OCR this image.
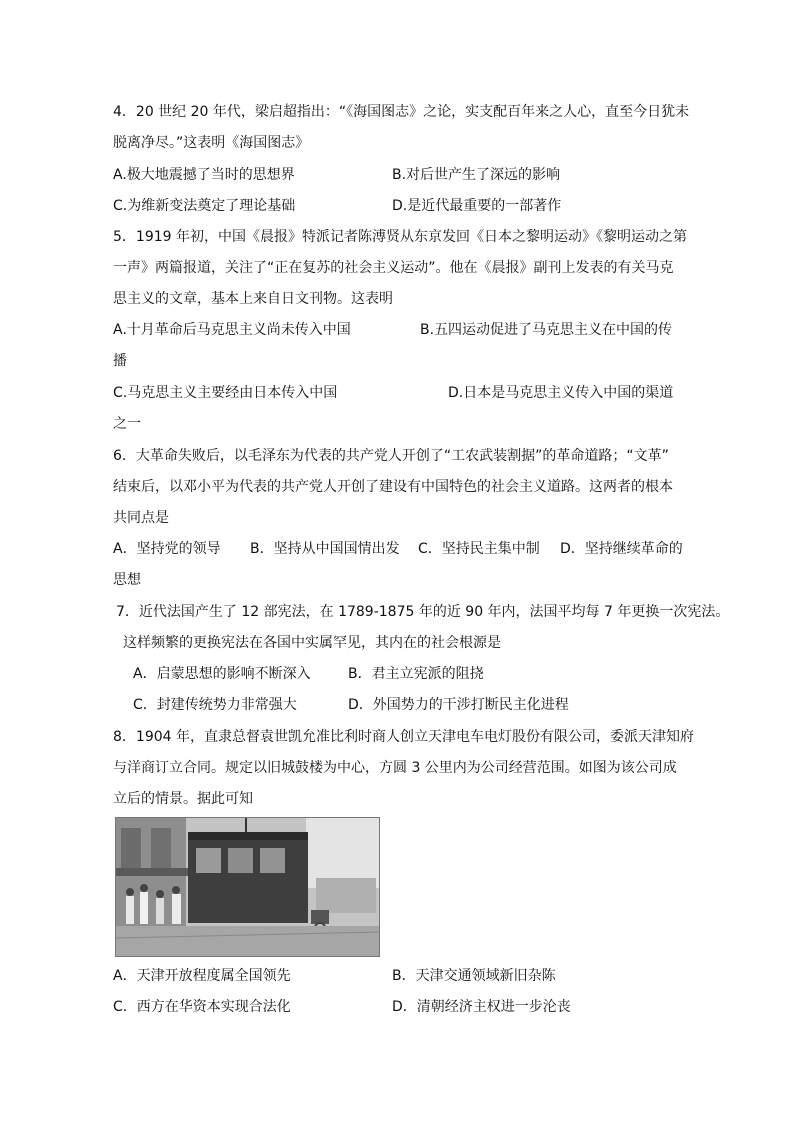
4．20 世纪 20 年代，梁启超指出：“《海国图志》之论，实支配百年来之人心，直至今日犹未
脱离净尽。”这表明《海国图志》
A.极大地震撼了当时的思想界	B.对后世产生了深远的影响
C.为维新变法奠定了理论基础	D.是近代最重要的一部著作
5．1919 年初，中国《晨报》特派记者陈溥贤从东京发回《日本之黎明运动》《黎明运动之第
一声》两篇报道，关注了“正在复苏的社会主义运动”。他在《晨报》副刊上发表的有关马克
思主义的文章，基本上来自日文刊物。这表明
A.十月革命后马克思主义尚未传入中国	B.五四运动促进了马克思主义在中国的传
播
C.马克思主义主要经由日本传入中国	D.日本是马克思主义传入中国的渠道
之一
6．大革命失败后，以毛泽东为代表的共产党人开创了“工农武装割据”的革命道路；“文革”
结束后，以邓小平为代表的共产党人开创了建设有中国特色的社会主义道路。这两者的根本
共同点是
A．坚持党的领导 B．坚持从中国国情出发 C．坚持民主集中制 D．坚持继续革命的
思想
7．近代法国产生了 12 部宪法，在 1789-1875 年的近 90 年内，法国平均每 7 年更换一次宪法。
这样频繁的更换宪法在各国中实属罕见，其内在的社会根源是
A．启蒙思想的影响不断深入	B．君主立宪派的阻挠
C．封建传统势力非常强大	D．外国势力的干涉打断民主化进程
8．1904 年，直隶总督袁世凯允准比利时商人创立天津电车电灯股份有限公司，委派天津知府
与洋商订立合同。规定以旧城鼓楼为中心，方圆 3 公里内为公司经营范围。如图为该公司成
立后的情景。据此可知
A．天津开放程度属全国领先	B．天津交通领域新旧杂陈
C．西方在华资本实现合法化	D．清朝经济主权进一步沦丧
